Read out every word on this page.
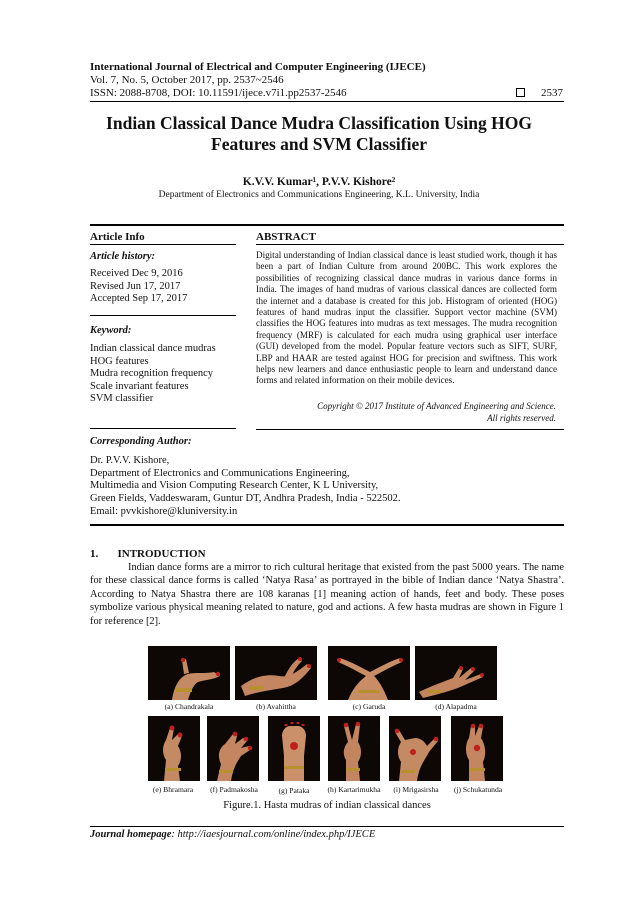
International Journal of Electrical and Computer Engineering (IJECE)
Vol. 7, No. 5, October 2017, pp. 2537~2546
ISSN: 2088-8708, DOI: 10.11591/ijece.v7i1.pp2537-2546	2537
Indian Classical Dance Mudra Classification Using HOG
Features and SVM Classifier
K.V.V. Kumar¹, P.V.V. Kishore²
Department of Electronics and Communications Engineering, K.L. University, India
Article Info
Article history:
Received Dec 9, 2016
Revised Jun 17, 2017
Accepted Sep 17, 2017
Keyword:
Indian classical dance mudras
HOG features
Mudra recognition frequency
Scale invariant features
SVM classifier
ABSTRACT
Digital understanding of Indian classical dance is least studied work, though it has been a part of Indian Culture from around 200BC. This work explores the possibilities of recognizing classical dance mudras in various dance forms in India. The images of hand mudras of various classical dances are collected form the internet and a database is created for this job. Histogram of oriented (HOG) features of hand mudras input the classifier. Support vector machine (SVM) classifies the HOG features into mudras as text messages. The mudra recognition frequency (MRF) is calculated for each mudra using graphical user interface (GUI) developed from the model. Popular feature vectors such as SIFT, SURF, LBP and HAAR are tested against HOG for precision and swiftness. This work helps new learners and dance enthusiastic people to learn and understand dance forms and related information on their mobile devices.
Copyright © 2017 Institute of Advanced Engineering and Science.
All rights reserved.
Corresponding Author:
Dr. P.V.V. Kishore,
Department of Electronics and Communications Engineering,
Multimedia and Vision Computing Research Center, K L University,
Green Fields, Vaddeswaram, Guntur DT, Andhra Pradesh, India - 522502.
Email: pvvkishore@kluniversity.in
1.       INTRODUCTION
Indian dance forms are a mirror to rich cultural heritage that existed from the past 5000 years. The name for these classical dance forms is called ‘Natya Rasa’ as portrayed in the bible of Indian dance ‘Natya Shastra’. According to Natya Shastra there are 108 karanas [1] meaning action of hands, feet and body. These poses symbolize various physical meaning related to nature, god and actions. A few hasta mudras are shown in Figure 1 for reference [2].
(a) Chandrakala	(b) Avahittha	(c) Garuda	(d) Alapadma
(e) Bhramara	(f) Padmakosha	(g) Pataka	(h) Kartarimukha	(i) Mrigasirsha	(j) Schukatunda
Figure.1. Hasta mudras of indian classical dances
Journal homepage: http://iaesjournal.com/online/index.php/IJECE
